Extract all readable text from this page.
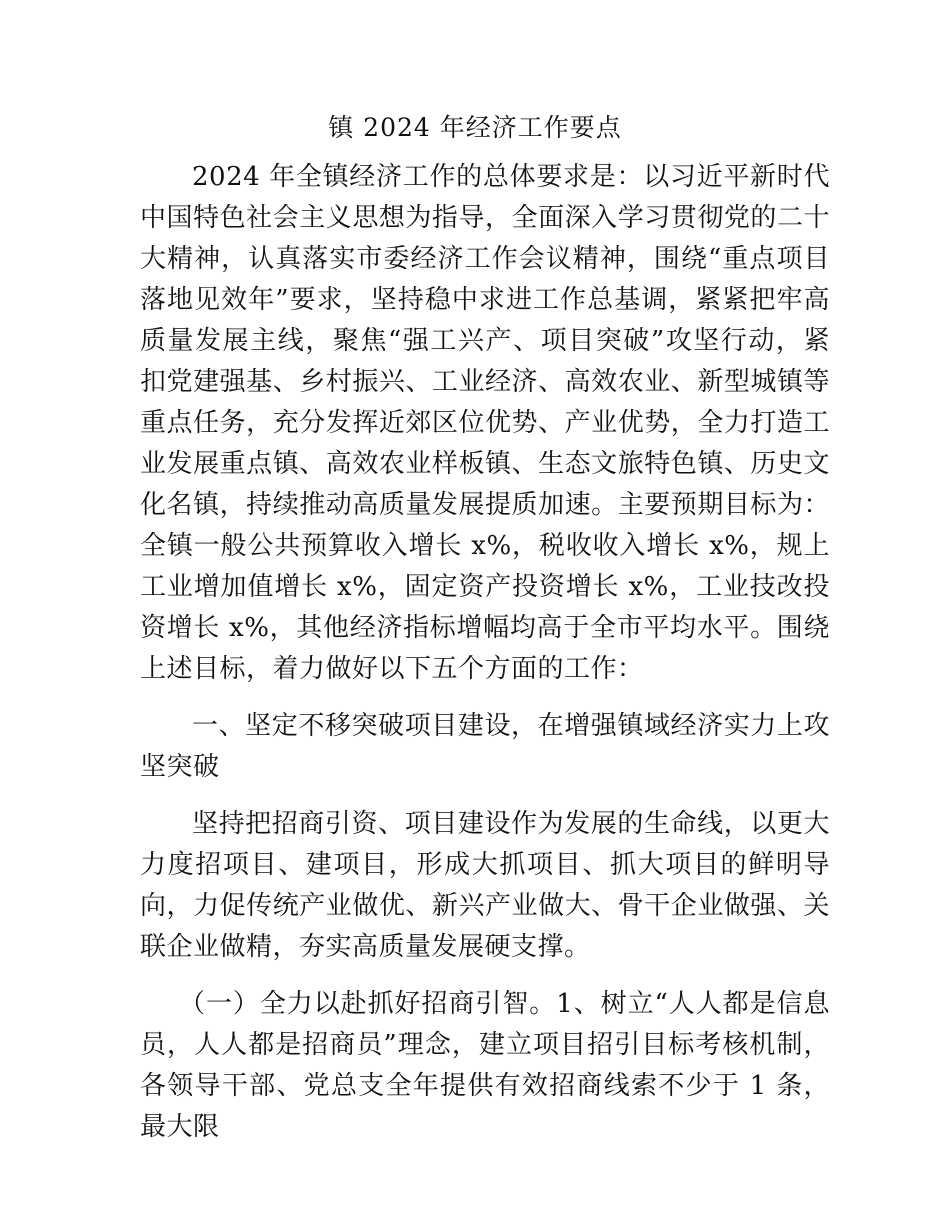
镇 2024 年经济工作要点

2024 年全镇经济工作的总体要求是：以习近平新时代中国特色社会主义思想为指导，全面深入学习贯彻党的二十大精神，认真落实市委经济工作会议精神，围绕“重点项目落地见效年”要求，坚持稳中求进工作总基调，紧紧把牢高质量发展主线，聚焦“强工兴产、项目突破”攻坚行动，紧扣党建强基、乡村振兴、工业经济、高效农业、新型城镇等重点任务，充分发挥近郊区位优势、产业优势，全力打造工业发展重点镇、高效农业样板镇、生态文旅特色镇、历史文化名镇，持续推动高质量发展提质加速。主要预期目标为：全镇一般公共预算收入增长 x%，税收收入增长 x%，规上工业增加值增长 x%，固定资产投资增长 x%，工业技改投资增长 x%，其他经济指标增幅均高于全市平均水平。围绕上述目标，着力做好以下五个方面的工作：

一、坚定不移突破项目建设，在增强镇域经济实力上攻坚突破

坚持把招商引资、项目建设作为发展的生命线，以更大力度招项目、建项目，形成大抓项目、抓大项目的鲜明导向，力促传统产业做优、新兴产业做大、骨干企业做强、关联企业做精，夯实高质量发展硬支撑。

（一）全力以赴抓好招商引智。1、树立“人人都是信息员，人人都是招商员”理念，建立项目招引目标考核机制，各领导干部、党总支全年提供有效招商线索不少于 1 条，最大限
